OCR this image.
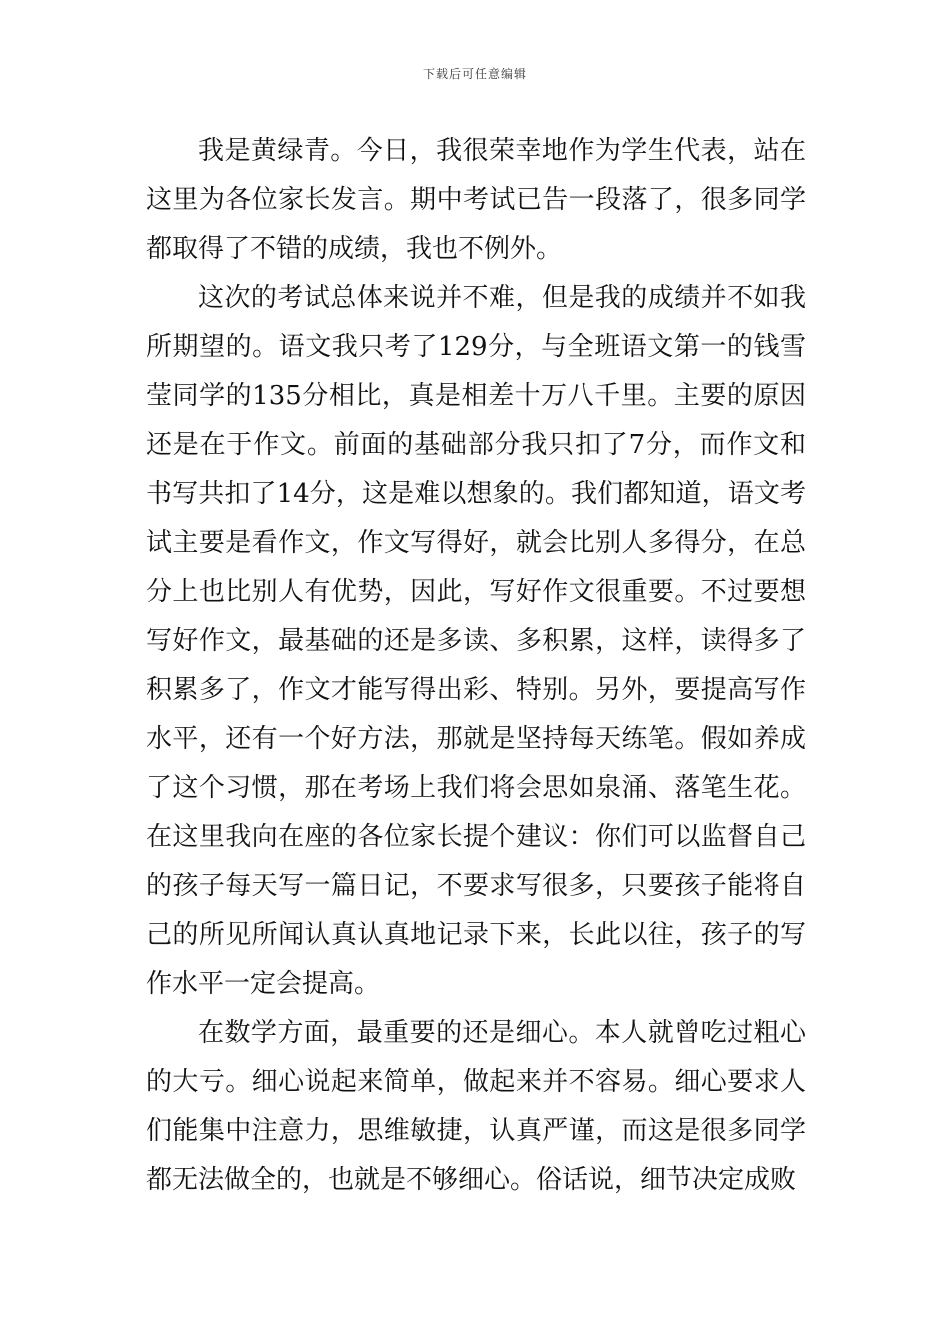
下载后可任意编辑

我是黄绿青。今日，我很荣幸地作为学生代表，站在这里为各位家长发言。期中考试已告一段落了，很多同学都取得了不错的成绩，我也不例外。

这次的考试总体来说并不难，但是我的成绩并不如我所期望的。语文我只考了129分，与全班语文第一的钱雪莹同学的135分相比，真是相差十万八千里。主要的原因还是在于作文。前面的基础部分我只扣了7分，而作文和书写共扣了14分，这是难以想象的。我们都知道，语文考试主要是看作文，作文写得好，就会比别人多得分，在总分上也比别人有优势，因此，写好作文很重要。不过要想写好作文，最基础的还是多读、多积累，这样，读得多了积累多了，作文才能写得出彩、特别。另外，要提高写作水平，还有一个好方法，那就是坚持每天练笔。假如养成了这个习惯，那在考场上我们将会思如泉涌、落笔生花。在这里我向在座的各位家长提个建议：你们可以监督自己的孩子每天写一篇日记，不要求写很多，只要孩子能将自己的所见所闻认真认真地记录下来，长此以往，孩子的写作水平一定会提高。

在数学方面，最重要的还是细心。本人就曾吃过粗心的大亏。细心说起来简单，做起来并不容易。细心要求人们能集中注意力，思维敏捷，认真严谨，而这是很多同学都无法做全的，也就是不够细心。俗话说，细节决定成败
